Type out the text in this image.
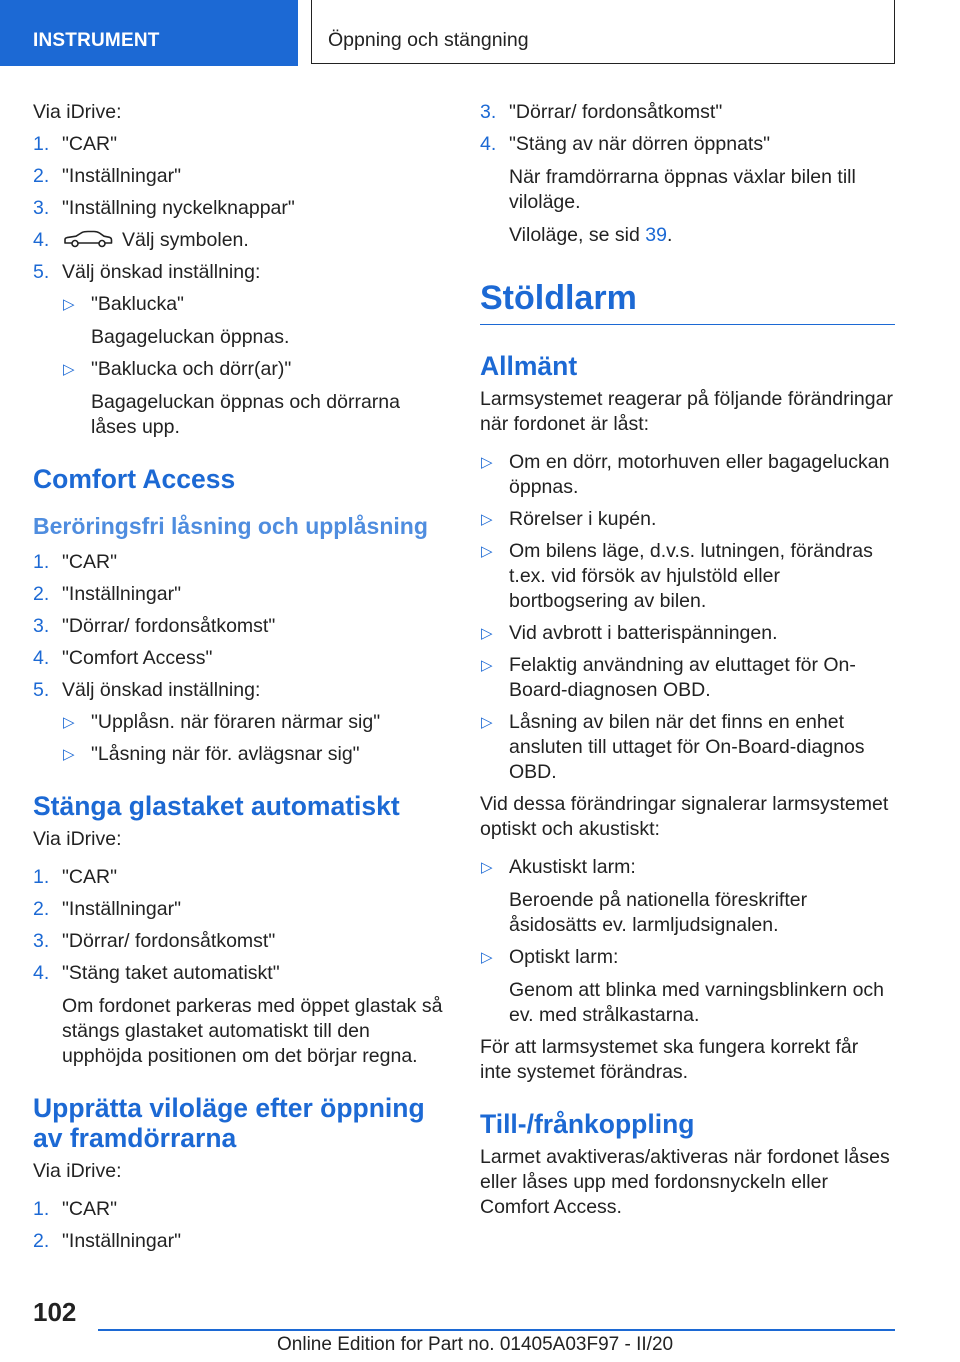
INSTRUMENT	Öppning och stängning
Via iDrive:
1. "CAR"
2. "Inställningar"
3. "Inställning nyckelknappar"
4.	Välj symbolen.
5. Välj önskad inställning:
▷ "Baklucka"
Bagageluckan öppnas.
▷ "Baklucka och dörr(ar)"
Bagageluckan öppnas och dörrarna låses upp.
Comfort Access
Beröringsfri låsning och upplåsning
1. "CAR"
2. "Inställningar"
3. "Dörrar/ fordonsåtkomst"
4. "Comfort Access"
5. Välj önskad inställning:
▷ "Upplåsn. när föraren närmar sig"
▷ "Låsning när för. avlägsnar sig"
Stänga glastaket automatiskt
Via iDrive:
1. "CAR"
2. "Inställningar"
3. "Dörrar/ fordonsåtkomst"
4. "Stäng taket automatiskt"
Om fordonet parkeras med öppet glastak så stängs glastaket automatiskt till den upphöjda positionen om det börjar regna.
Upprätta viloläge efter öppning av framdörrarna
Via iDrive:
1. "CAR"
2. "Inställningar"
3. "Dörrar/ fordonsåtkomst"
4. "Stäng av när dörren öppnats"
När framdörrarna öppnas växlar bilen till viloläge.
Viloläge, se sid 39.
Stöldlarm
Allmänt
Larmsystemet reagerar på följande förändringar när fordonet är låst:
▷ Om en dörr, motorhuven eller bagageluckan öppnas.
▷ Rörelser i kupén.
▷ Om bilens läge, d.v.s. lutningen, förändras t.ex. vid försök av hjulstöld eller bortbogsering av bilen.
▷ Vid avbrott i batterispänningen.
▷ Felaktig användning av eluttaget för On-Board-diagnosen OBD.
▷ Låsning av bilen när det finns en enhet ansluten till uttaget för On-Board-diagnos OBD.
Vid dessa förändringar signalerar larmsystemet optiskt och akustiskt:
▷ Akustiskt larm:
Beroende på nationella föreskrifter åsidosätts ev. larmljudsignalen.
▷ Optiskt larm:
Genom att blinka med varningsblinkern och ev. med strålkastarna.
För att larmsystemet ska fungera korrekt får inte systemet förändras.
Till-/frånkoppling
Larmet avaktiveras/aktiveras när fordonet låses eller låses upp med fordonsnyckeln eller Comfort Access.
102
Online Edition for Part no. 01405A03F97 - II/20
